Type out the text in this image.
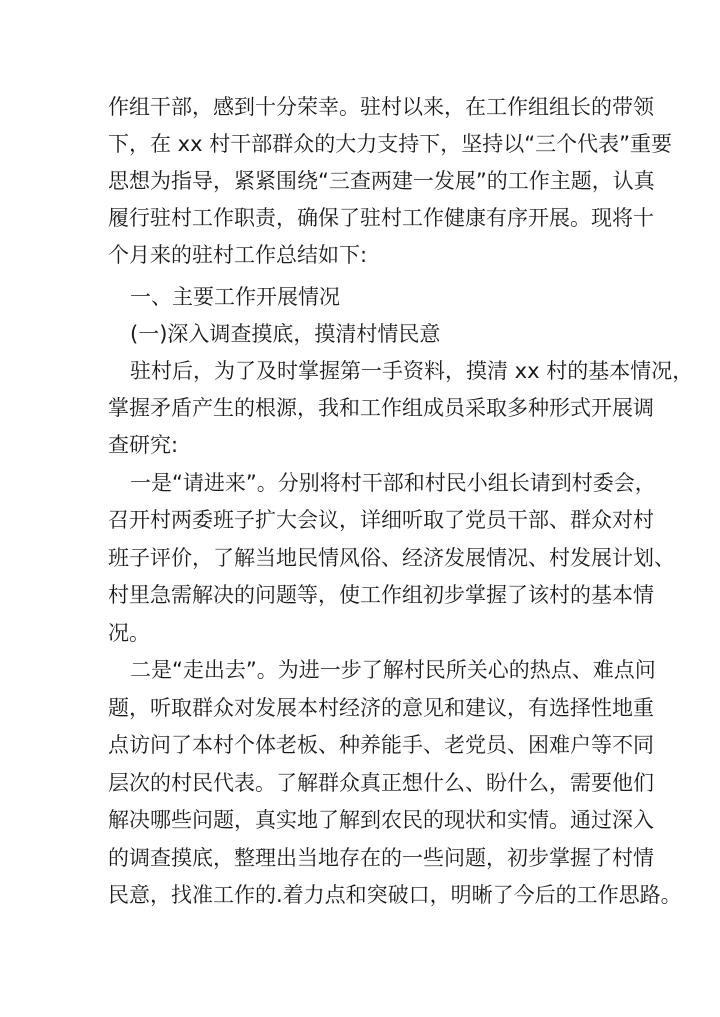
作组干部，感到十分荣幸。驻村以来，在工作组组长的带领
下，在 xx 村干部群众的大力支持下，坚持以“三个代表”重要
思想为指导，紧紧围绕“三查两建一发展”的工作主题，认真
履行驻村工作职责，确保了驻村工作健康有序开展。现将十
个月来的驻村工作总结如下:
一、主要工作开展情况
(一)深入调查摸底，摸清村情民意
驻村后，为了及时掌握第一手资料，摸清 xx 村的基本情况，
掌握矛盾产生的根源，我和工作组成员采取多种形式开展调
查研究:
一是“请进来”。分别将村干部和村民小组长请到村委会，
召开村两委班子扩大会议，详细听取了党员干部、群众对村
班子评价，了解当地民情风俗、经济发展情况、村发展计划、
村里急需解决的问题等，使工作组初步掌握了该村的基本情
况。
二是“走出去”。为进一步了解村民所关心的热点、难点问
题，听取群众对发展本村经济的意见和建议，有选择性地重
点访问了本村个体老板、种养能手、老党员、困难户等不同
层次的村民代表。了解群众真正想什么、盼什么，需要他们
解决哪些问题，真实地了解到农民的现状和实情。通过深入
的调查摸底，整理出当地存在的一些问题，初步掌握了村情
民意，找准工作的.着力点和突破口，明晰了今后的工作思路。
